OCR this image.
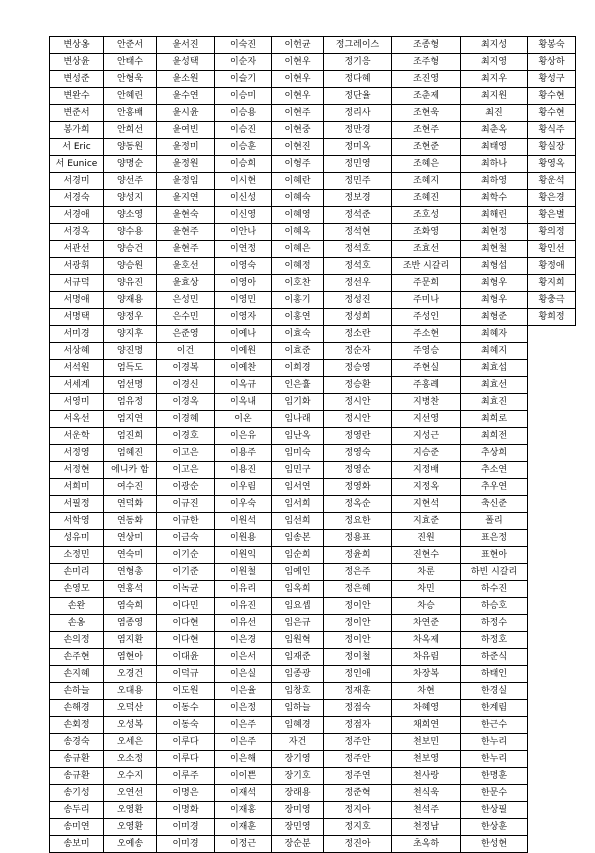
변상옹	안준서	윤서진	이숙진	이헌균	정그레이스	조종형	최지성	황봉숙
변상윤	안태수	윤성택	이순자	이현우	정기응	조주형	최지영	황상하
변성준	안형욱	윤소원	이슬기	이현우	정다혜	조진영	최지우	황성구
변완수	안혜린	윤수연	이승미	이현우	정단율	조춘제	최지원	황수현
변준서	안홍배	윤시윤	이승용	이현주	정리사	조현욱	최진	황수현
봉가희	안희선	윤여빈	이승진	이현중	정만경	조현주	최춘옥	황식주
서 Eric	양동원	윤정미	이승훈	이현진	정미옥	조현준	최태영	황실장
서 Eunice	양명순	윤정원	이승희	이형주	정민영	조혜은	최하나	황영옥
서경미	양선주	윤정임	이시현	이혜란	정민주	조혜지	최하영	황운석
서경숙	양성지	윤지연	이신성	이혜숙	정보경	조혜진	최학수	황은경
서경애	양소영	윤현숙	이신영	이혜영	정석준	조호성	최해린	황은별
서경옥	양수용	윤현주	이안나	이혜옥	정석현	조화영	최현정	황의정
서관선	양승건	윤현주	이연정	이혜은	정석호	조효선	최현철	황인선
서광휘	양승원	윤호선	이영숙	이혜정	정석호	조반 시갈리	최형섭	황정애
서규덕	양유진	윤효상	이영아	이호찬	정선우	주문희	최형우	황지희
서명애	양재용	은성민	이영민	이홍기	정성진	주미나	최형우	황충극
서명택	양정우	은수민	이영자	이홍연	정성희	주성인	최형준	황희정
서미경	양지후	은준영	이예나	이효숙	정소란	주소현	최혜자	
서상혜	양진명	이건	이예원	이효준	정순자	주영승	최혜지	
서석원	엄득도	이경복	이예찬	이희경	정승영	주현실	최효섭	
서세계	엄선명	이경신	이옥규	인은휼	정승환	주홍례	최효선	
서영미	엄유정	이경옥	이옥내	임기화	정시안	지병찬	최효진	
서옥선	엄지연	이경혜	이온	임나래	정시안	지선영	최희로	
서운학	엄진희	이경호	이은유	임난옥	정영란	지성근	최희전	
서정영	엄혜진	이고은	이용주	임미숙	정영숙	지승준	추상희	
서정현	에니카 함	이고은	이용진	임민구	정영순	지정배	추소연	
서희미	여수진	이광순	이우림	임서연	정영화	지정옥	추우연	
서필정	연덕화	이규진	이우숙	임서희	정옥순	지현석	축신준	
서학영	연동화	이규한	이원석	임선희	정요한	지효준	폴리	
성유미	연상미	이금숙	이원용	임송본	정용표	진원	표은정	
소정민	연숙미	이기순	이원익	임순희	정윤희	진현수	표현아	
손미리	연형총	이기준	이원철	임예인	정은주	차룬	하빈 시갈리	
손영모	연홍석	이녹균	이유리	임옥희	정은혜	차민	하수진	
손완	염숙희	이다민	이유진	임요셉	정이안	차승	하승호	
손옹	염종영	이다현	이유선	임은규	정이안	차연준	하정수	
손의정	염지환	이다현	이은경	임원혁	정이안	차옥제	하정호	
손주현	염현아	이대윤	이은서	임재준	정이철	차유림	하준식	
손지혜	오경건	이덕규	이은실	임종광	정인애	차장복	하태인	
손하늘	오대용	이도원	이은율	임창호	정재훈	차현	한경실	
손해경	오덕산	이동수	이은정	임하늘	정점숙	차혜영	한계림	
손회정	오성복	이동숙	이은주	임혜경	정점자	채희연	한근수	
송경숙	오세은	이루다	이은주	자건	정주안	천보민	한누리	
송규환	오소정	이루다	이은해	장기영	정주안	천보영	한누리	
송규환	오수지	이루주	이이쁜	장기호	정주연	천사랑	한명훈	
송기성	오연선	이명은	이재석	장래용	정준혁	천식욱	한문수	
송두리	오영환	이명화	이재홍	장미영	정지아	천석주	한상필	
송미연	오영환	이미경	이재훈	장민영	정지호	천정남	한상훈	
송보미	오예송	이미경	이정근	장순분	정진아	초옥하	한성현	
